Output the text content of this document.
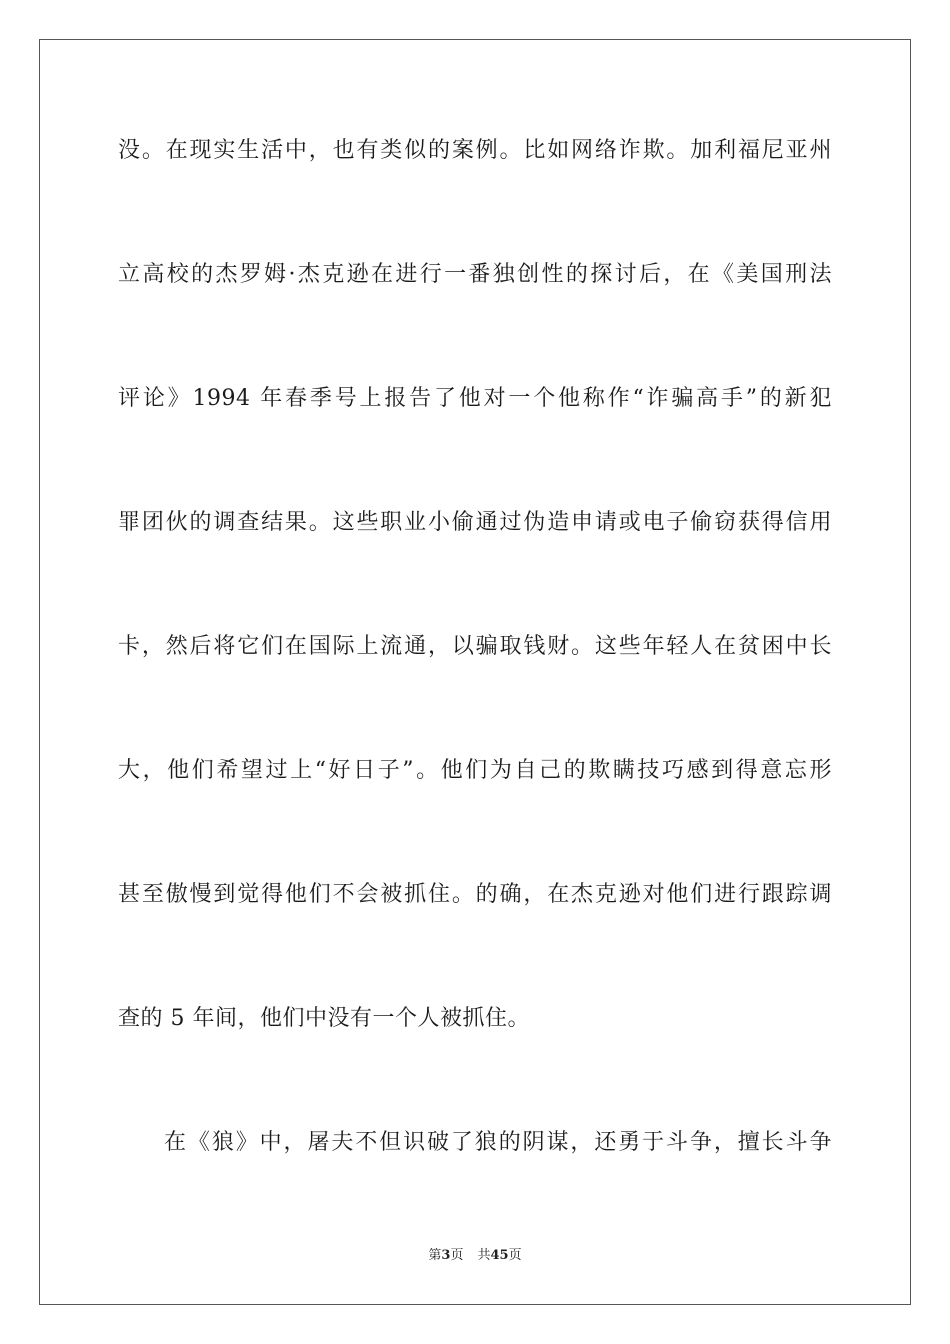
没。在现实生活中，也有类似的案例。比如网络诈欺。加利福尼亚州
立高校的杰罗姆·杰克逊在进行一番独创性的探讨后，在《美国刑法
评论》1994 年春季号上报告了他对一个他称作“诈骗高手”的新犯
罪团伙的调查结果。这些职业小偷通过伪造申请或电子偷窃获得信用
卡，然后将它们在国际上流通，以骗取钱财。这些年轻人在贫困中长
大，他们希望过上“好日子”。他们为自己的欺瞒技巧感到得意忘形
甚至傲慢到觉得他们不会被抓住。的确，在杰克逊对他们进行跟踪调
查的 5 年间，他们中没有一个人被抓住。
在《狼》中，屠夫不但识破了狼的阴谋，还勇于斗争，擅长斗争
第3页 共45页
